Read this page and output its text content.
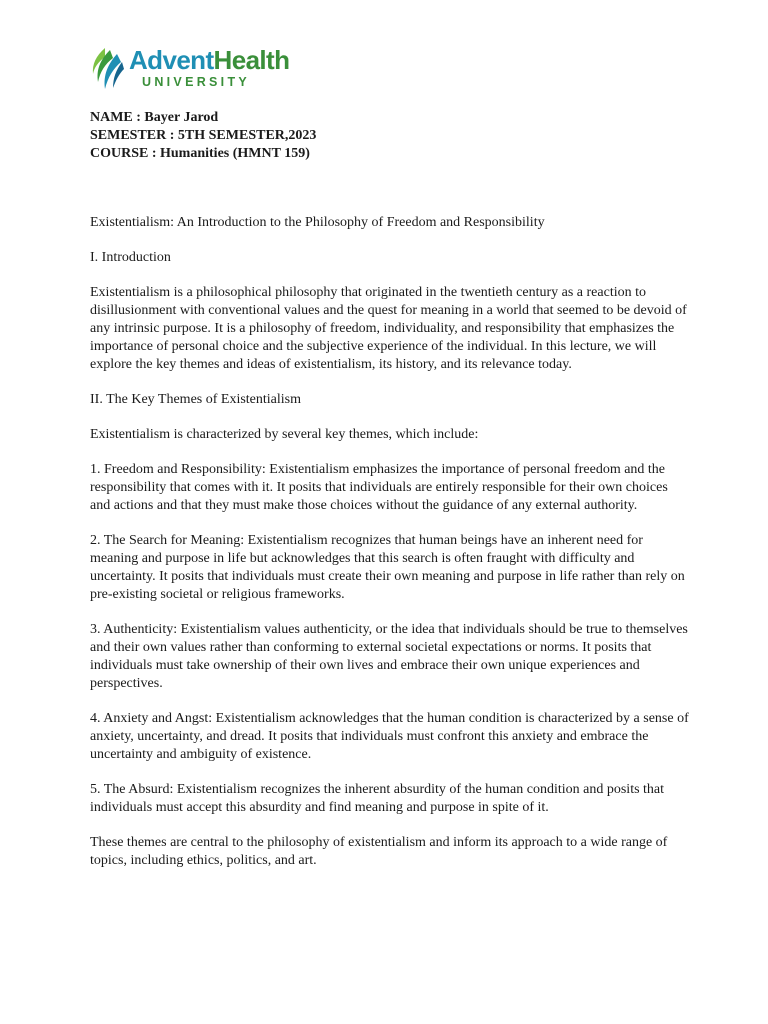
AdventHealth
UNIVERSITY
NAME : Bayer Jarod
SEMESTER : 5TH SEMESTER,2023
COURSE : Humanities (HMNT 159)

Existentialism: An Introduction to the Philosophy of Freedom and Responsibility

I. Introduction

Existentialism is a philosophical philosophy that originated in the twentieth century as a reaction to disillusionment with conventional values and the quest for meaning in a world that seemed to be devoid of any intrinsic purpose. It is a philosophy of freedom, individuality, and responsibility that emphasizes the importance of personal choice and the subjective experience of the individual. In this lecture, we will explore the key themes and ideas of existentialism, its history, and its relevance today.

II. The Key Themes of Existentialism

Existentialism is characterized by several key themes, which include:

1. Freedom and Responsibility: Existentialism emphasizes the importance of personal freedom and the responsibility that comes with it. It posits that individuals are entirely responsible for their own choices and actions and that they must make those choices without the guidance of any external authority.

2. The Search for Meaning: Existentialism recognizes that human beings have an inherent need for meaning and purpose in life but acknowledges that this search is often fraught with difficulty and uncertainty. It posits that individuals must create their own meaning and purpose in life rather than rely on pre-existing societal or religious frameworks.

3. Authenticity: Existentialism values authenticity, or the idea that individuals should be true to themselves and their own values rather than conforming to external societal expectations or norms. It posits that individuals must take ownership of their own lives and embrace their own unique experiences and perspectives.

4. Anxiety and Angst: Existentialism acknowledges that the human condition is characterized by a sense of anxiety, uncertainty, and dread. It posits that individuals must confront this anxiety and embrace the uncertainty and ambiguity of existence.

5. The Absurd: Existentialism recognizes the inherent absurdity of the human condition and posits that individuals must accept this absurdity and find meaning and purpose in spite of it.

These themes are central to the philosophy of existentialism and inform its approach to a wide range of topics, including ethics, politics, and art.
